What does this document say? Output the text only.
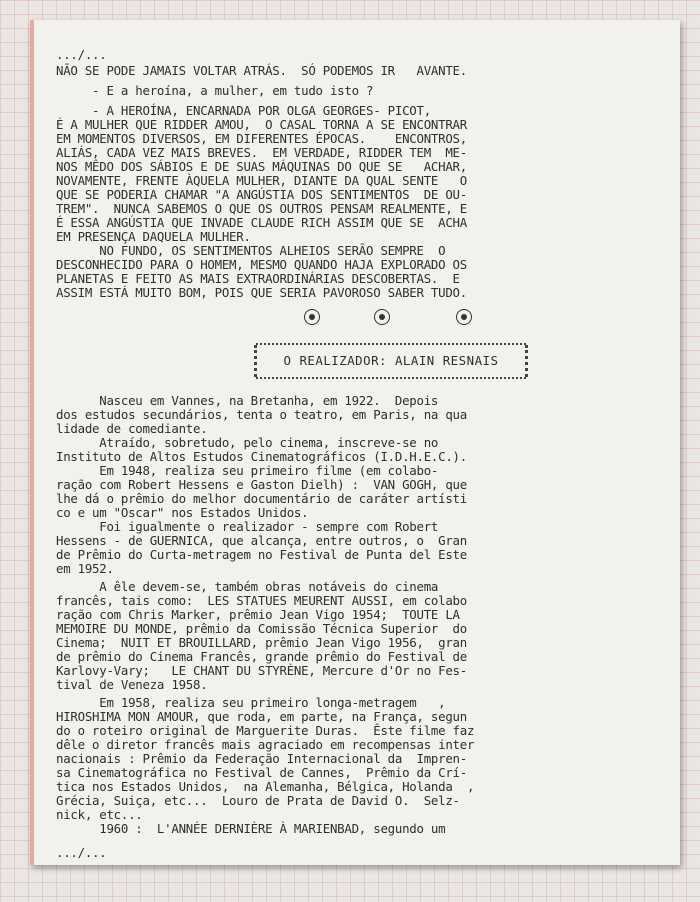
.../...
NÃO SE PODE JAMAIS VOLTAR ATRÁS.  SÓ PODEMOS IR   AVANTE.
- E a heroína, a mulher, em tudo isto ?
- A HEROÍNA, ENCARNADA POR OLGA GEORGES- PICOT,
É A MULHER QUE RIDDER AMOU,  O CASAL TORNA A SE ENCONTRAR
EM MOMENTOS DIVERSOS, EM DIFERENTES ÉPOCAS.    ENCONTROS,
ALIÁS, CADA VEZ MAIS BREVES.  EM VERDADE, RIDDER TEM  ME-
NOS MÊDO DOS SÁBIOS E DE SUAS MÁQUINAS DO QUE SE   ACHAR,
NOVAMENTE, FRENTE ÀQUELA MULHER, DIANTE DA QUAL SENTE   O
QUE SE PODERIA CHAMAR "A ANGÚSTIA DOS SENTIMENTOS  DE OU-
TREM".  NUNCA SABEMOS O QUE OS OUTROS PENSAM REALMENTE, E
É ESSA ANGÚSTIA QUE INVADE CLAUDE RICH ASSIM QUE SE  ACHA
EM PRESENÇA DAQUELA MULHER.
NO FUNDO, OS SENTIMENTOS ALHEIOS SERÃO SEMPRE  O
DESCONHECIDO PARA O HOMEM, MESMO QUANDO HAJA EXPLORADO OS
PLANETAS E FEITO AS MAIS EXTRAORDINÁRIAS DESCOBERTAS.  E
ASSIM ESTÁ MUITO BOM, POIS QUE SERIA PAVOROSO SABER TUDO.
O REALIZADOR: ALAIN RESNAIS
Nasceu em Vannes, na Bretanha, em 1922.  Depois
dos estudos secundários, tenta o teatro, em Paris, na qua
lidade de comediante.
Atraído, sobretudo, pelo cinema, inscreve-se no
Instituto de Altos Estudos Cinematográficos (I.D.H.E.C.).
Em 1948, realiza seu primeiro filme (em colabo-
ração com Robert Hessens e Gaston Dielh) :  VAN GOGH, que
lhe dá o prêmio do melhor documentário de caráter artísti
co e um "Oscar" nos Estados Unidos.
Foi igualmente o realizador - sempre com Robert
Hessens - de GUERNICA, que alcança, entre outros, o  Gran
de Prêmio do Curta-metragem no Festival de Punta del Este
em 1952.
A êle devem-se, também obras notáveis do cinema
francês, tais como:  LES STATUES MEURENT AUSSI, em colabo
ração com Chris Marker, prêmio Jean Vigo 1954;  TOUTE LA
MEMOIRE DU MONDE, prêmio da Comissão Técnica Superior  do
Cinema;  NUIT ET BROUILLARD, prêmio Jean Vigo 1956,  gran
de prêmio do Cinema Francês, grande prêmio do Festival de
Karlovy-Vary;   LE CHANT DU STYRÈNE, Mercure d'Or no Fes-
tival de Veneza 1958.
Em 1958, realiza seu primeiro longa-metragem   ,
HIROSHIMA MON AMOUR, que roda, em parte, na França, segun
do o roteiro original de Marguerite Duras.  Êste filme faz
dêle o diretor francês mais agraciado em recompensas inter
nacionais : Prêmio da Federação Internacional da  Impren-
sa Cinematográfica no Festival de Cannes,  Prêmio da Crí-
tica nos Estados Unidos,  na Alemanha, Bélgica, Holanda  ,
Grécia, Suiça, etc...  Louro de Prata de David O.  Selz-
nick, etc...
1960 :  L'ANNÉE DERNIÈRE À MARIENBAD, segundo um
.../...
